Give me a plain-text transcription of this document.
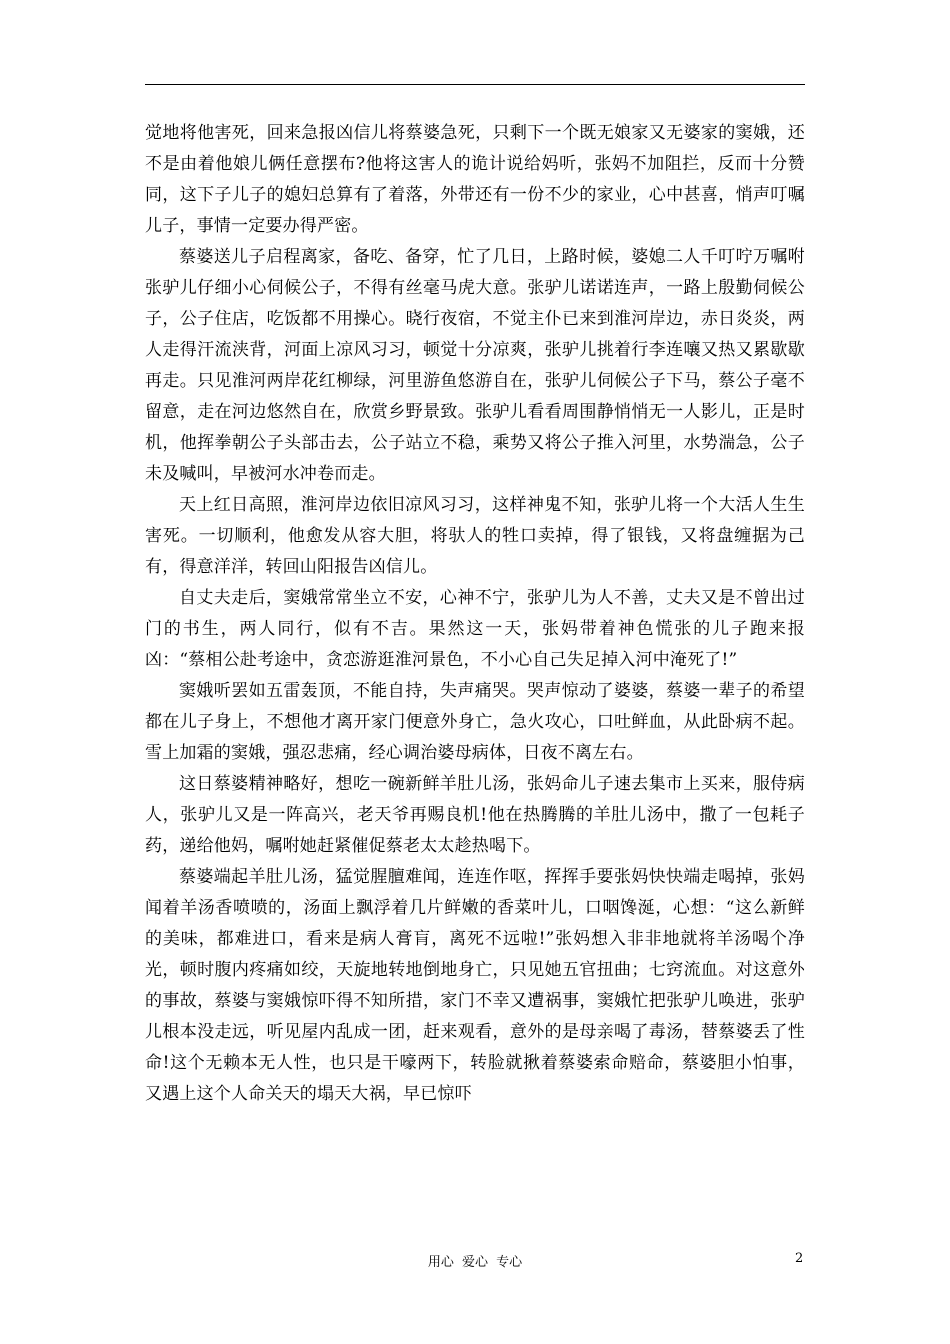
觉地将他害死，回来急报凶信儿将蔡婆急死，只剩下一个既无娘家又无婆家的窦娥，还不是由着他娘儿俩任意摆布?他将这害人的诡计说给妈听，张妈不加阻拦，反而十分赞同，这下子儿子的媳妇总算有了着落，外带还有一份不少的家业，心中甚喜，悄声叮嘱儿子，事情一定要办得严密。

蔡婆送儿子启程离家，备吃、备穿，忙了几日，上路时候，婆媳二人千叮咛万嘱咐张驴儿仔细小心伺候公子，不得有丝毫马虎大意。张驴儿诺诺连声，一路上殷勤伺候公子，公子住店，吃饭都不用操心。晓行夜宿，不觉主仆已来到淮河岸边，赤日炎炎，两人走得汗流浃背，河面上凉风习习，顿觉十分凉爽，张驴儿挑着行李连嚷又热又累歇歇再走。只见淮河两岸花红柳绿，河里游鱼悠游自在，张驴儿伺候公子下马，蔡公子毫不留意，走在河边悠然自在，欣赏乡野景致。张驴儿看看周围静悄悄无一人影儿，正是时机，他挥拳朝公子头部击去，公子站立不稳，乘势又将公子推入河里，水势湍急，公子未及喊叫，早被河水冲卷而走。

天上红日高照，淮河岸边依旧凉风习习，这样神鬼不知，张驴儿将一个大活人生生害死。一切顺利，他愈发从容大胆，将驮人的牲口卖掉，得了银钱，又将盘缠据为己有，得意洋洋，转回山阳报告凶信儿。

自丈夫走后，窦娥常常坐立不安，心神不宁，张驴儿为人不善，丈夫又是不曾出过门的书生，两人同行，似有不吉。果然这一天，张妈带着神色慌张的儿子跑来报凶：“蔡相公赴考途中，贪恋游逛淮河景色，不小心自己失足掉入河中淹死了!”

窦娥听罢如五雷轰顶，不能自持，失声痛哭。哭声惊动了婆婆，蔡婆一辈子的希望都在儿子身上，不想他才离开家门便意外身亡，急火攻心，口吐鲜血，从此卧病不起。雪上加霜的窦娥，强忍悲痛，经心调治婆母病体，日夜不离左右。

这日蔡婆精神略好，想吃一碗新鲜羊肚儿汤，张妈命儿子速去集市上买来，服侍病人，张驴儿又是一阵高兴，老天爷再赐良机!他在热腾腾的羊肚儿汤中，撒了一包耗子药，递给他妈，嘱咐她赶紧催促蔡老太太趁热喝下。

蔡婆端起羊肚儿汤，猛觉腥膻难闻，连连作呕，挥挥手要张妈快快端走喝掉，张妈闻着羊汤香喷喷的，汤面上飘浮着几片鲜嫩的香菜叶儿，口咽馋涎，心想：“这么新鲜的美味，都难进口，看来是病人膏肓，离死不远啦!”张妈想入非非地就将羊汤喝个净光，顿时腹内疼痛如绞，天旋地转地倒地身亡，只见她五官扭曲；七窍流血。对这意外的事故，蔡婆与窦娥惊吓得不知所措，家门不幸又遭祸事，窦娥忙把张驴儿唤进，张驴儿根本没走远，听见屋内乱成一团，赶来观看，意外的是母亲喝了毒汤，替蔡婆丢了性命!这个无赖本无人性，也只是干嚎两下，转脸就揪着蔡婆索命赔命，蔡婆胆小怕事，又遇上这个人命关天的塌天大祸，早已惊吓

用心 爱心 专心	2
